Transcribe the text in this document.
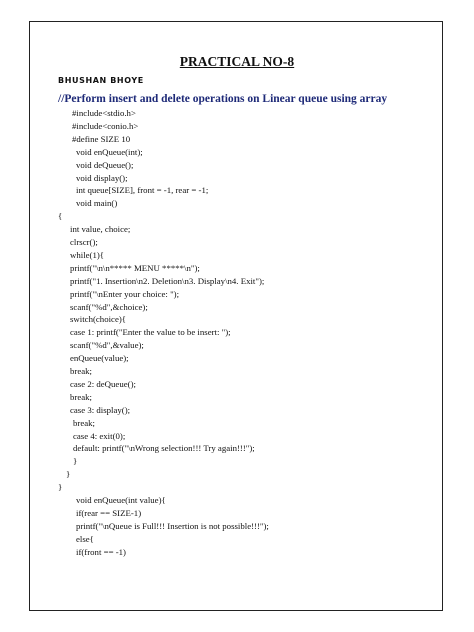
PRACTICAL NO-8
BHUSHAN BHOYE
//Perform insert and delete operations on Linear queue using array
#include<stdio.h>
#include<conio.h>
#define SIZE 10
void enQueue(int);
void deQueue();
void display();
int queue[SIZE], front = -1, rear = -1;
void main()
{
int value, choice;
clrscr();
while(1){
printf("\n\n***** MENU *****\n");
printf("1. Insertion\n2. Deletion\n3. Display\n4. Exit");
printf("\nEnter your choice: ");
scanf("%d",&choice);
switch(choice){
case 1: printf("Enter the value to be insert: ");
scanf("%d",&value);
enQueue(value);
break;
case 2: deQueue();
break;
case 3: display();
break;
case 4: exit(0);
default: printf("\nWrong selection!!! Try again!!!");
}
}
}
void enQueue(int value){
if(rear == SIZE-1)
printf("\nQueue is Full!!! Insertion is not possible!!!");
else{
if(front == -1)
